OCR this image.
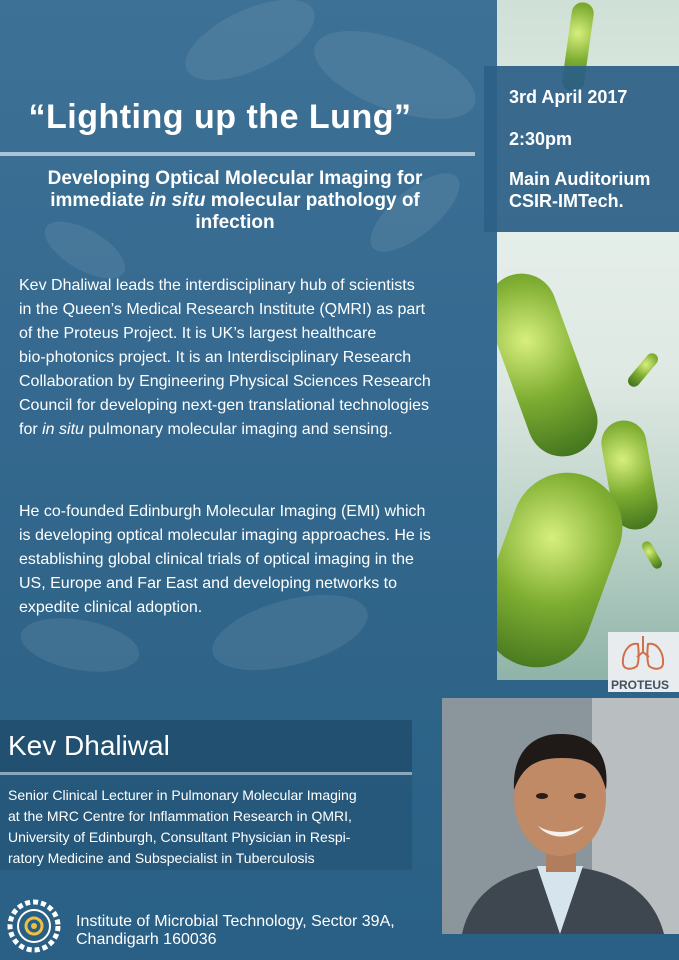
3rd April 2017
2:30pm
Main Auditorium
CSIR-IMTech.
“Lighting up the Lung”
Developing Optical Molecular Imaging for
immediate in situ molecular pathology of
infection
Kev Dhaliwal leads the interdisciplinary hub of scientists
in the Queen’s Medical Research Institute (QMRI) as part
of the Proteus Project. It is UK’s largest healthcare
bio-photonics project. It is an Interdisciplinary Research
Collaboration by Engineering Physical Sciences Research
Council for developing next-gen translational technologies
for in situ pulmonary molecular imaging and sensing.
He co-founded Edinburgh Molecular Imaging (EMI) which
is developing optical molecular imaging approaches. He is
establishing global clinical trials of optical imaging in the
US, Europe and Far East and developing networks to
expedite clinical adoption.
PROTEUS
Kev Dhaliwal
Senior Clinical Lecturer in Pulmonary Molecular Imaging
at the MRC Centre for Inflammation Research in QMRI,
University of Edinburgh, Consultant Physician in Respi-
ratory Medicine and Subspecialist in Tuberculosis
Institute of Microbial Technology, Sector 39A,
Chandigarh 160036
